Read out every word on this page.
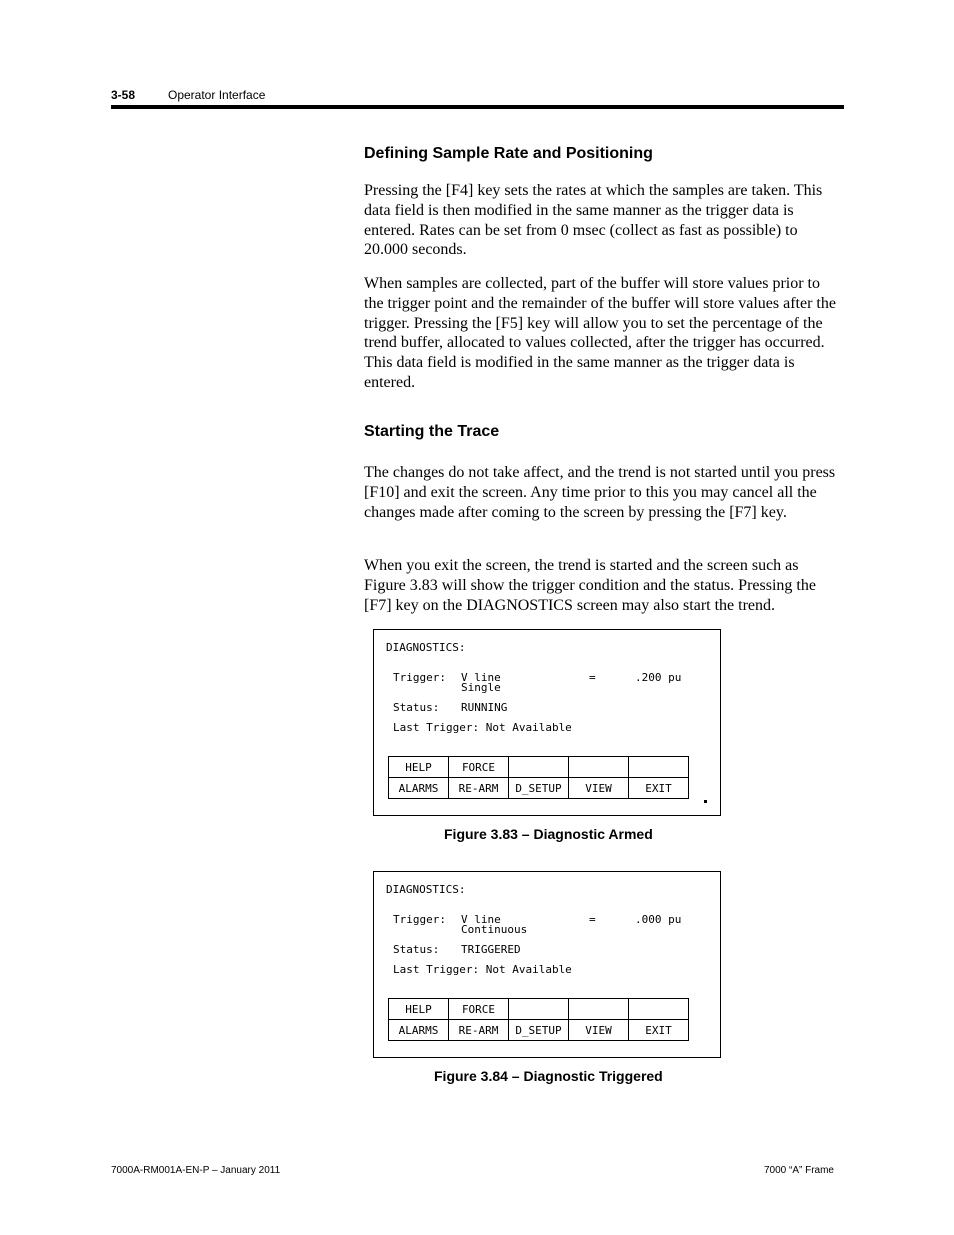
3-58	Operator Interface
Defining Sample Rate and Positioning

Pressing the [F4] key sets the rates at which the samples are taken. This data field is then modified in the same manner as the trigger data is entered. Rates can be set from 0 msec (collect as fast as possible) to 20.000 seconds.

When samples are collected, part of the buffer will store values prior to the trigger point and the remainder of the buffer will store values after the trigger. Pressing the [F5] key will allow you to set the percentage of the trend buffer, allocated to values collected, after the trigger has occurred. This data field is modified in the same manner as the trigger data is entered.

Starting the Trace

The changes do not take affect, and the trend is not started until you press [F10] and exit the screen. Any time prior to this you may cancel all the changes made after coming to the screen by pressing the [F7] key.

When you exit the screen, the trend is started and the screen such as Figure 3.83 will show the trigger condition and the status. Pressing the [F7] key on the DIAGNOSTICS screen may also start the trend.

DIAGNOSTICS:
Trigger: V line
Single
=	.200 pu
Status: RUNNING
Last Trigger: Not Available
HELP	FORCE			
ALARMS	RE-ARM	D_SETUP	VIEW	EXIT
Figure 3.83 – Diagnostic Armed
DIAGNOSTICS:
Trigger: V line
Continuous
=	.000 pu
Status: TRIGGERED
Last Trigger: Not Available
HELP	FORCE			
ALARMS	RE-ARM	D_SETUP	VIEW	EXIT
Figure 3.84 – Diagnostic Triggered
7000A-RM001A-EN-P – January 2011	7000 “A” Frame
